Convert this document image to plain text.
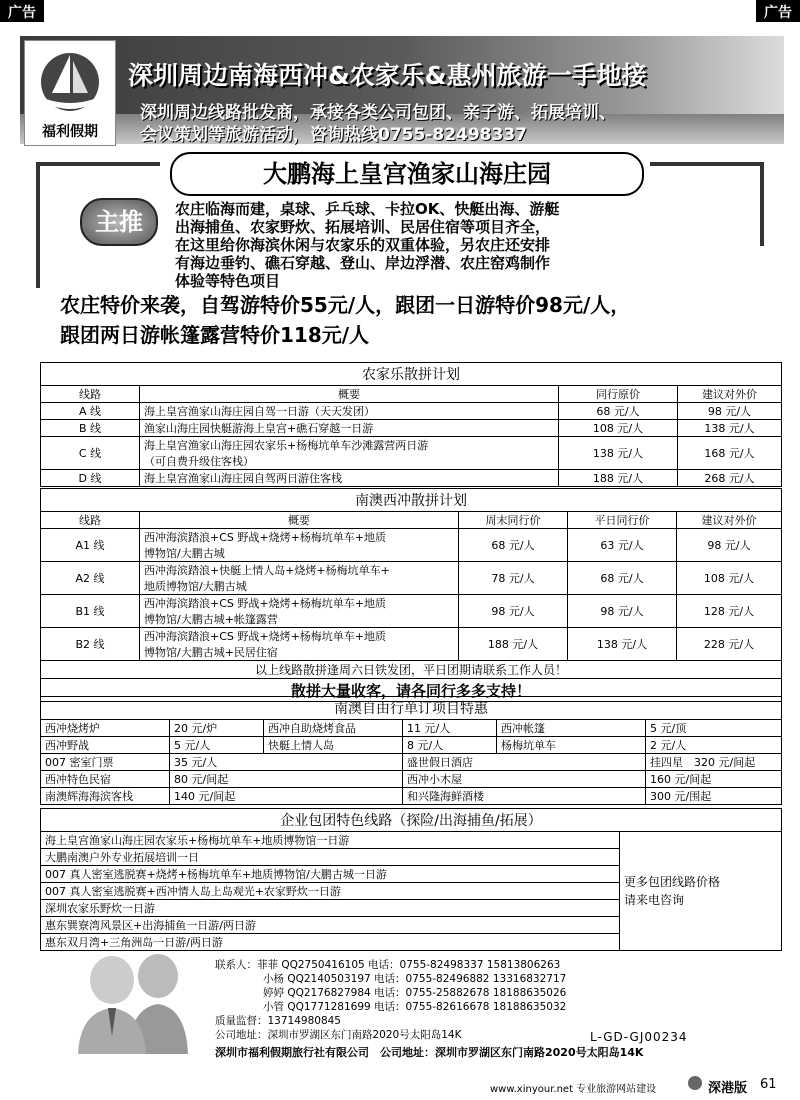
广告	广告
福利假期
深圳周边南海西冲&农家乐&惠州旅游一手地接
深圳周边线路批发商，承接各类公司包团、亲子游、拓展培训、
会议策划等旅游活动，咨询热线0755-82498337
大鹏海上皇宫渔家山海庄园
主推	农庄临海而建，桌球、乒乓球、卡拉OK、快艇出海、游艇
出海捕鱼、农家野炊、拓展培训、民居住宿等项目齐全，
在这里给你海滨休闲与农家乐的双重体验，另农庄还安排
有海边垂钓、礁石穿越、登山、岸边浮潜、农庄窑鸡制作
体验等特色项目
农庄特价来袭，自驾游特价55元/人，跟团一日游特价98元/人，
跟团两日游帐篷露营特价118元/人
农家乐散拼计划			
线路	概要	同行原价	建议对外价
A 线	海上皇宫渔家山海庄园自驾一日游（天天发团）	68 元/人	98 元/人
B 线	渔家山海庄园快艇游海上皇宫+礁石穿越一日游	108 元/人	138 元/人
C 线	海上皇宫渔家山海庄园农家乐+杨梅坑单车沙滩露营两日游
（可自费升级住客栈）	138 元/人	168 元/人
D 线	海上皇宫渔家山海庄园自驾两日游住客栈	188 元/人	268 元/人
南澳西冲散拼计划				
线路	概要	周末同行价	平日同行价	建议对外价
A1 线	西冲海滨踏浪+CS 野战+烧烤+杨梅坑单车+地质
博物馆/大鹏古城	68 元/人	63 元/人	98 元/人
A2 线	西冲海滨踏浪+快艇上情人岛+烧烤+杨梅坑单车+
地质博物馆/大鹏古城	78 元/人	68 元/人	108 元/人
B1 线	西冲海滨踏浪+CS 野战+烧烤+杨梅坑单车+地质
博物馆/大鹏古城+帐篷露营	98 元/人	98 元/人	128 元/人
B2 线	西冲海滨踏浪+CS 野战+烧烤+杨梅坑单车+地质
博物馆/大鹏古城+民居住宿	188 元/人	138 元/人	228 元/人
以上线路散拼逢周六日铁发团，平日团期请联系工作人员！				
散拼大量收客，请各同行多多支持！				
南澳自由行单订项目特惠					
西冲烧烤炉	20 元/炉	西冲自助烧烤食品	11 元/人	西冲帐篷	5 元/顶
西冲野战	5 元/人	快艇上情人岛	8 元/人	杨梅坑单车	2 元/人
007 密室门票	35 元/人		盛世假日酒店		挂四星　320 元/间起
西冲特色民宿	80 元/间起		西冲小木屋		160 元/间起
南澳辉海海滨客栈	140 元/间起		和兴隆海鲜酒楼		300 元/围起
企业包团特色线路（探险/出海捕鱼/拓展）
海上皇宫渔家山海庄园农家乐+杨梅坑单车+地质博物馆一日游	
更多包团线路价格
请来电咨询

大鹏南澳户外专业拓展培训一日
007 真人密室逃脱赛+烧烤+杨梅坑单车+地质博物馆/大鹏古城一日游
007 真人密室逃脱赛+西冲情人岛上岛观光+农家野炊一日游
深圳农家乐野炊一日游
惠东巽寮湾风景区+出海捕鱼一日游/两日游
惠东双月湾+三角洲岛一日游/两日游
联系人：菲菲 QQ2750416105 电话：0755-82498337 15813806263
小杨 QQ2140503197 电话：0755-82496882 13316832717
婷婷 QQ2176827984 电话：0755-25882678 18188635026
小管 QQ1771281699 电话：0755-82616678 18188635032
质量监督：13714980845
公司地址：深圳市罗湖区东门南路2020号太阳岛14K	L-GD-GJ00234
深圳市福利假期旅行社有限公司　公司地址：深圳市罗湖区东门南路2020号太阳岛14K
www.xinyour.net 专业旅游网站建设	深港版 61
